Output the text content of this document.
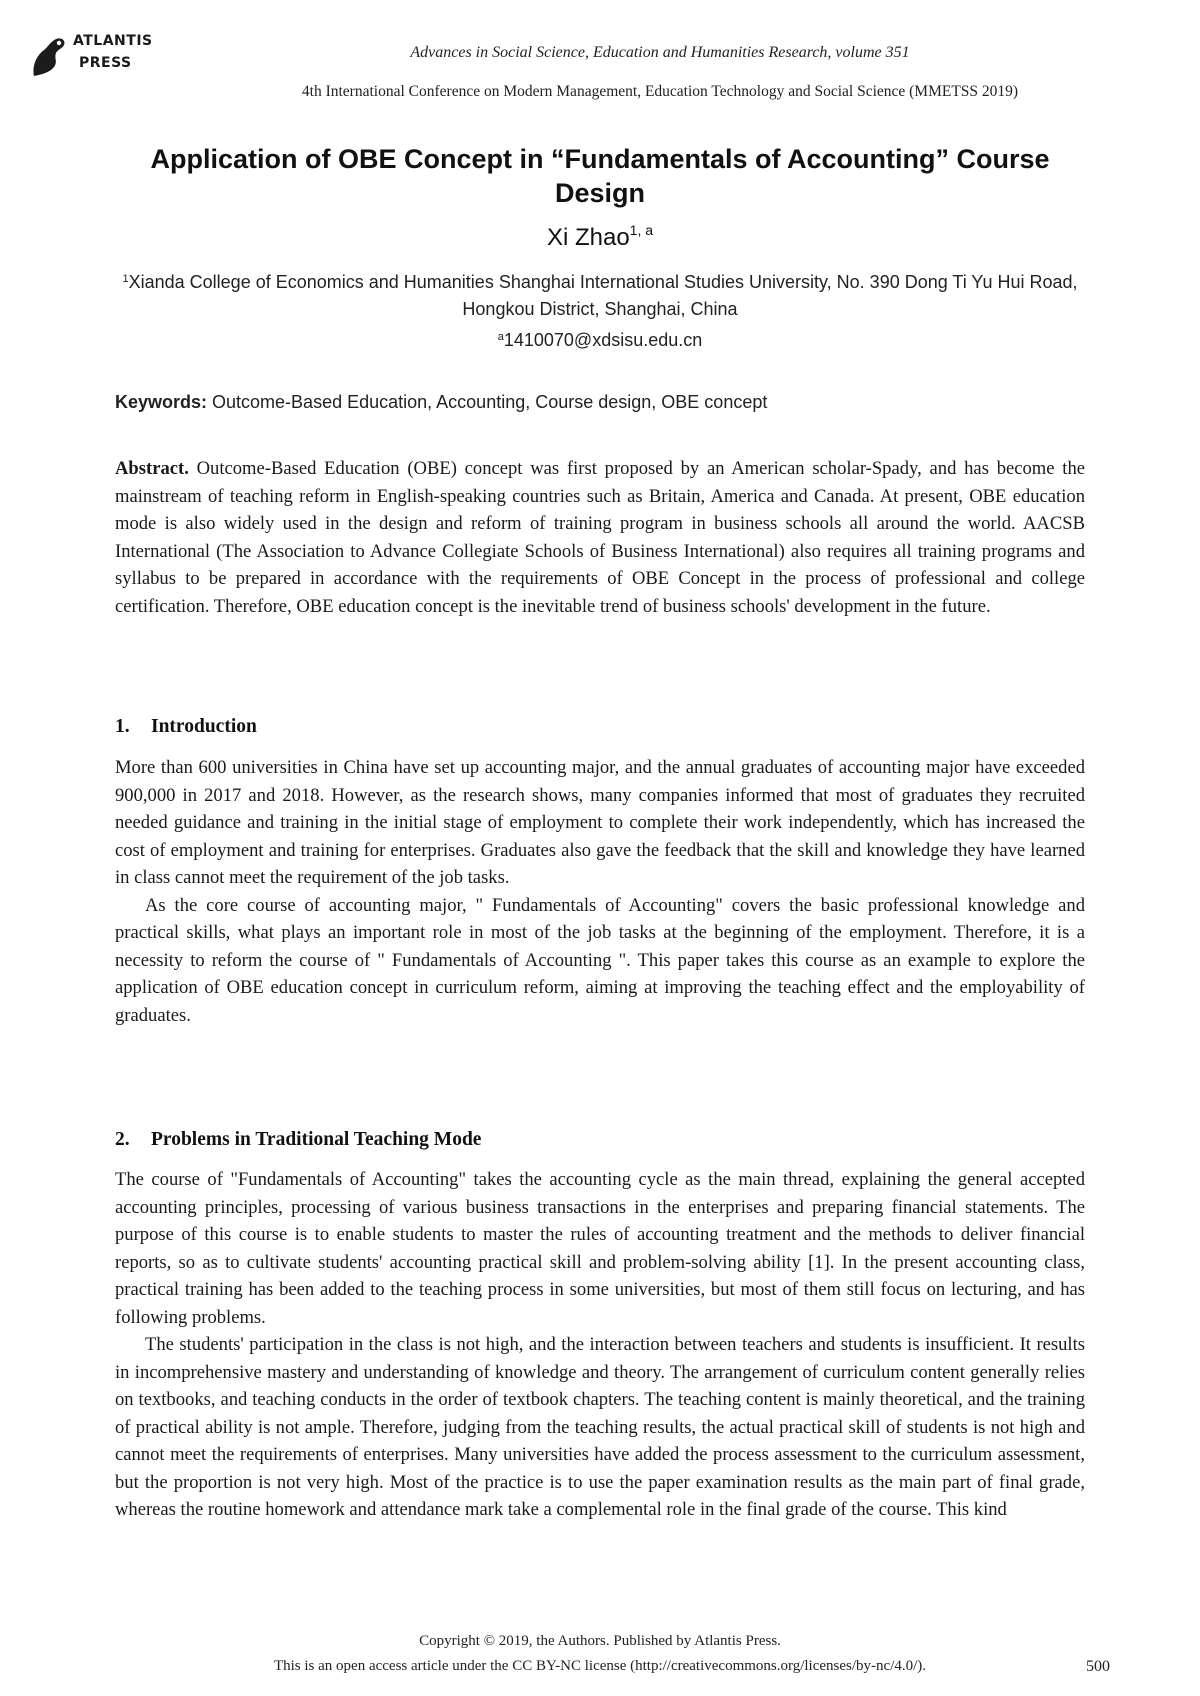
ATLANTIS
PRESS
Advances in Social Science, Education and Humanities Research, volume 351
4th International Conference on Modern Management, Education Technology and Social Science (MMETSS 2019)
Application of OBE Concept in “Fundamentals of Accounting” Course Design
Xi Zhao$^{1, a}$
$^1$Xianda College of Economics and Humanities Shanghai International Studies University, No. 390 Dong Ti Yu Hui Road, Hongkou District, Shanghai, China
$^a$1410070@xdsisu.edu.cn
Keywords: Outcome-Based Education, Accounting, Course design, OBE concept
Abstract. Outcome-Based Education (OBE) concept was first proposed by an American scholar-Spady, and has become the mainstream of teaching reform in English-speaking countries such as Britain, America and Canada. At present, OBE education mode is also widely used in the design and reform of training program in business schools all around the world. AACSB International (The Association to Advance Collegiate Schools of Business International) also requires all training programs and syllabus to be prepared in accordance with the requirements of OBE Concept in the process of professional and college certification. Therefore, OBE education concept is the inevitable trend of business schools' development in the future.
1. Introduction

More than 600 universities in China have set up accounting major, and the annual graduates of accounting major have exceeded 900,000 in 2017 and 2018. However, as the research shows, many companies informed that most of graduates they recruited needed guidance and training in the initial stage of employment to complete their work independently, which has increased the cost of employment and training for enterprises. Graduates also gave the feedback that the skill and knowledge they have learned in class cannot meet the requirement of the job tasks.

As the core course of accounting major, " Fundamentals of Accounting" covers the basic professional knowledge and practical skills, what plays an important role in most of the job tasks at the beginning of the employment. Therefore, it is a necessity to reform the course of " Fundamentals of Accounting ". This paper takes this course as an example to explore the application of OBE education concept in curriculum reform, aiming at improving the teaching effect and the employability of graduates.

2. Problems in Traditional Teaching Mode

The course of "Fundamentals of Accounting" takes the accounting cycle as the main thread, explaining the general accepted accounting principles, processing of various business transactions in the enterprises and preparing financial statements. The purpose of this course is to enable students to master the rules of accounting treatment and the methods to deliver financial reports, so as to cultivate students' accounting practical skill and problem-solving ability [1]. In the present accounting class, practical training has been added to the teaching process in some universities, but most of them still focus on lecturing, and has following problems.

The students' participation in the class is not high, and the interaction between teachers and students is insufficient. It results in incomprehensive mastery and understanding of knowledge and theory. The arrangement of curriculum content generally relies on textbooks, and teaching conducts in the order of textbook chapters. The teaching content is mainly theoretical, and the training of practical ability is not ample. Therefore, judging from the teaching results, the actual practical skill of students is not high and cannot meet the requirements of enterprises. Many universities have added the process assessment to the curriculum assessment, but the proportion is not very high. Most of the practice is to use the paper examination results as the main part of final grade, whereas the routine homework and attendance mark take a complemental role in the final grade of the course. This kind

Copyright © 2019, the Authors. Published by Atlantis Press.
This is an open access article under the CC BY-NC license (http://creativecommons.org/licenses/by-nc/4.0/).	500
